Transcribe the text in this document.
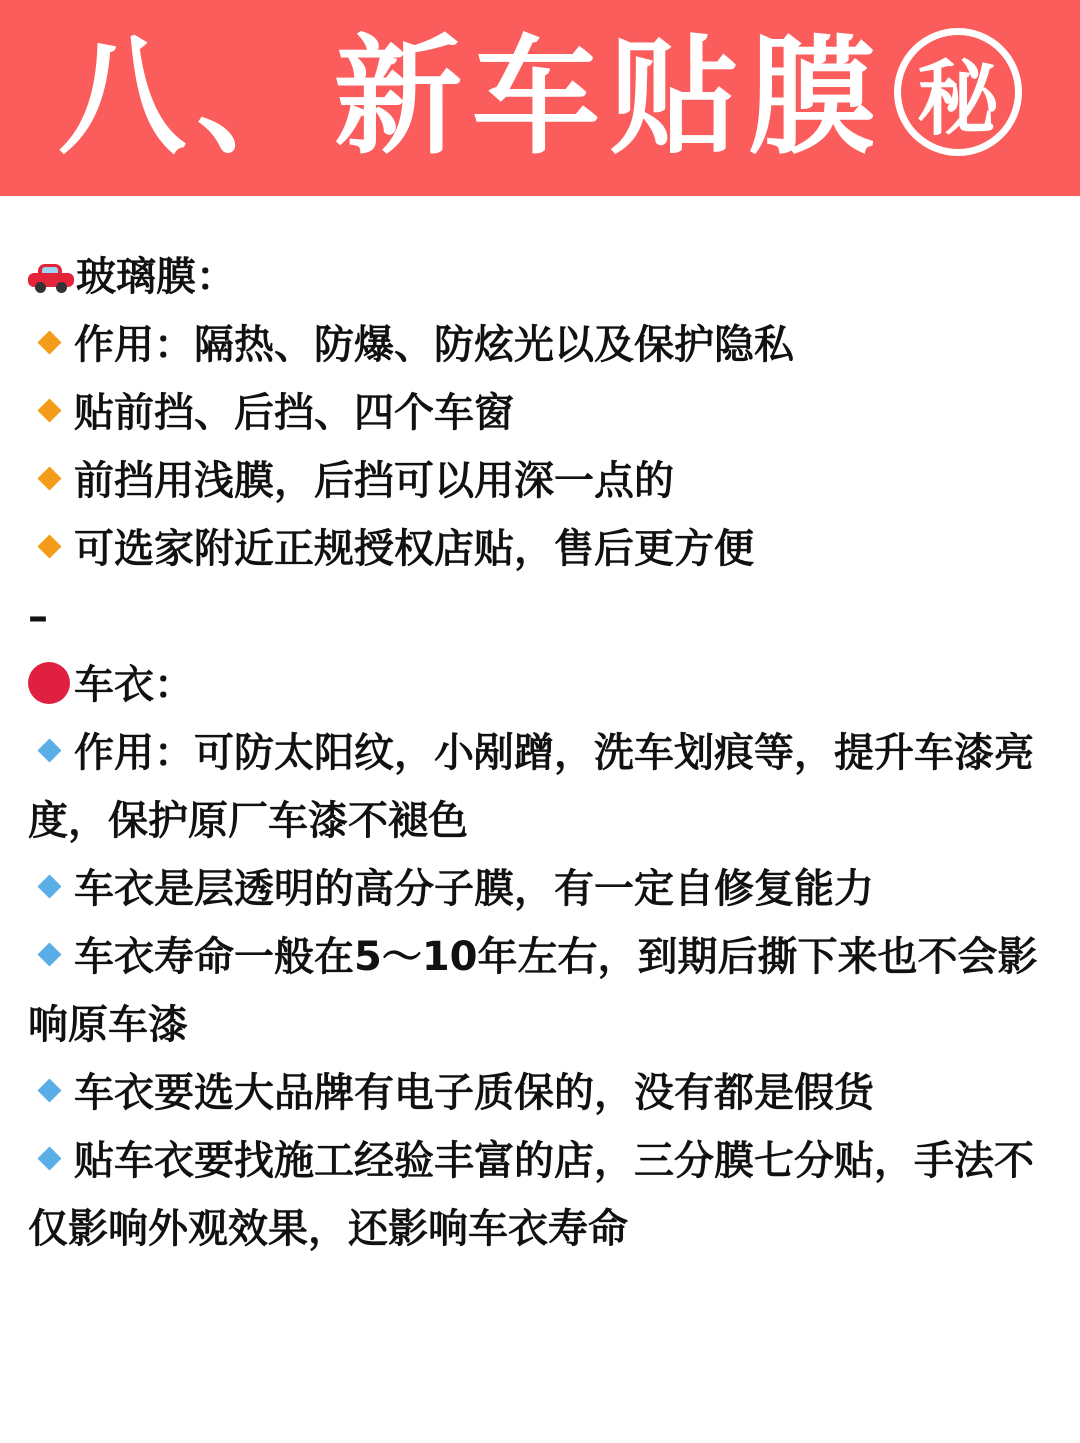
八、新车贴膜 秘
玻璃膜：
作用：隔热、防爆、防炫光以及保护隐私
贴前挡、后挡、四个车窗
前挡用浅膜，后挡可以用深一点的
可选家附近正规授权店贴，售后更方便
–
车衣：
作用：可防太阳纹，小剐蹭，洗车划痕等，提升车漆亮度，保护原厂车漆不褪色
车衣是层透明的高分子膜，有一定自修复能力
车衣寿命一般在5～10年左右，到期后撕下来也不会影响原车漆
车衣要选大品牌有电子质保的，没有都是假货
贴车衣要找施工经验丰富的店，三分膜七分贴，手法不仅影响外观效果，还影响车衣寿命
